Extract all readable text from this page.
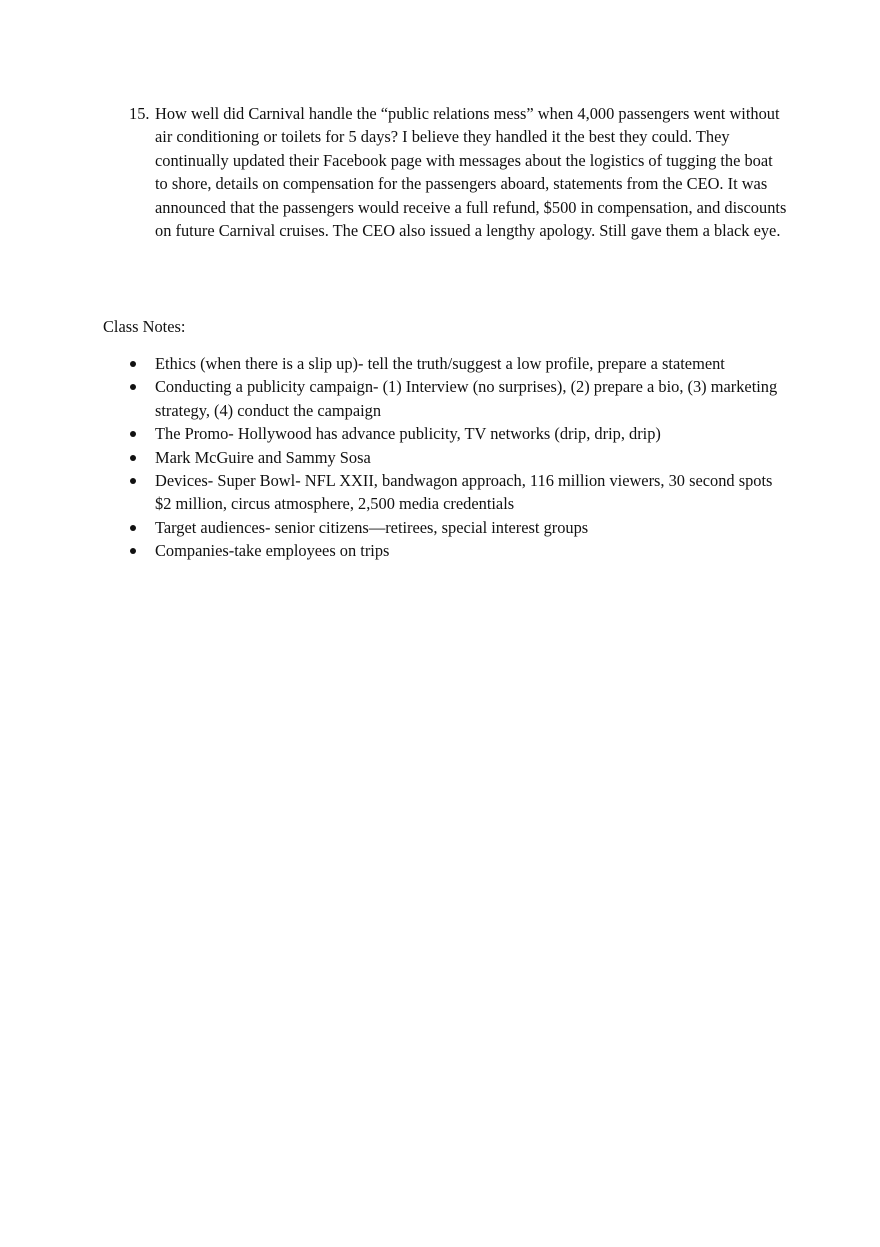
15. How well did Carnival handle the “public relations mess” when 4,000 passengers went without air conditioning or toilets for 5 days? I believe they handled it the best they could. They continually updated their Facebook page with messages about the logistics of tugging the boat to shore, details on compensation for the passengers aboard, statements from the CEO. It was announced that the passengers would receive a full refund, $500 in compensation, and discounts on future Carnival cruises. The CEO also issued a lengthy apology. Still gave them a black eye.
Class Notes:
Ethics (when there is a slip up)- tell the truth/suggest a low profile, prepare a statement
Conducting a publicity campaign- (1) Interview (no surprises), (2) prepare a bio, (3) marketing strategy, (4) conduct the campaign
The Promo- Hollywood has advance publicity, TV networks (drip, drip, drip)
Mark McGuire and Sammy Sosa
Devices- Super Bowl- NFL XXII, bandwagon approach, 116 million viewers, 30 second spots $2 million, circus atmosphere, 2,500 media credentials
Target audiences- senior citizens—retirees, special interest groups
Companies-take employees on trips
